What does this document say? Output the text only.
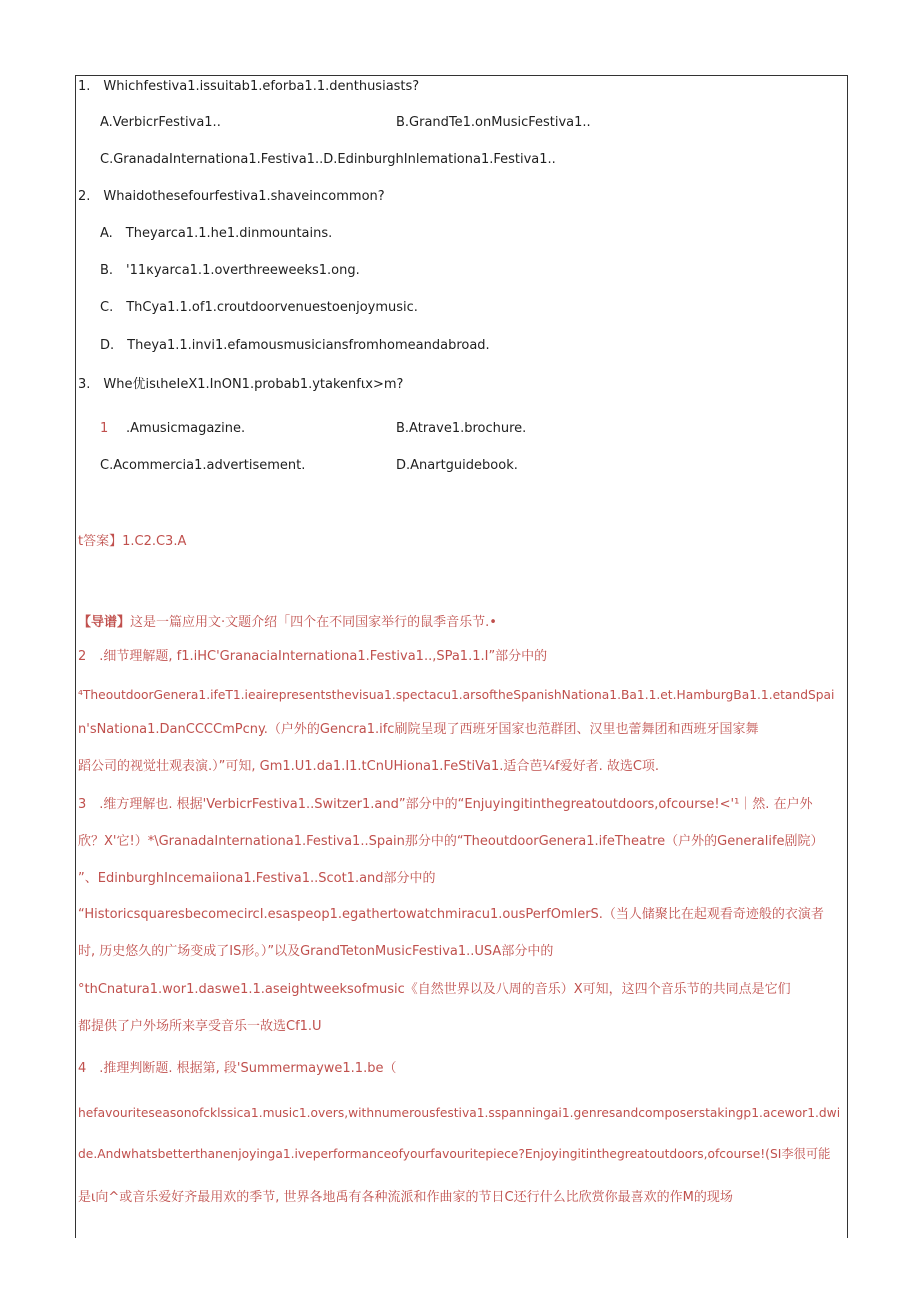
1.　Whichfestiva1.issuitab1.eforba1.1.denthusiasts?
A.VerbicrFestiva1..	B.GrandTe1.onMusicFestiva1..
C.GranadaInternationa1.Festiva1..D.EdinburghInlemationa1.Festiva1..
2.　Whaidothesefourfestiva1.shaveincommon?
A.　Theyarca1.1.he1.dinmountains.
B.　'11κyarca1.1.overthreeweeks1.ong.
C.　ThCya1.1.of1.croutdoorvenuestoenjoymusic.
D.　Theya1.1.invi1.efamousmusiciansfromhomeandabroad.
3.　Whe优isιheIeX1.InON1.probab1.ytakenfιx>m?
1 .Amusicmagazine.	B.Atrave1.brochure.
C.Acommercia1.advertisement.	D.Anartguidebook.
t答案】1.C2.C3.A
【导谱】这是一篇应用文·文题介绍「四个在不同国家举行的鼠季音乐节.•
2　.细节理解题, f1.iHC'GranaciaInternationa1.Festiva1..,SPa1.1.I”部分中的
⁴TheoutdoorGenera1.ifeT1.ieairepresentsthevisua1.spectacu1.arsoftheSpanishNationa1.Ba1.1.et.HamburgBa1.1.etandSpai
n'sNationa1.DanCCCCmPcny.（户外的Gencra1.ifc刷院呈现了西班牙国家也范群团、汉里也蕾舞团和西班牙国家舞
蹈公司的视觉壮观表演.）”可知, Gm1.U1.da1.I1.tCnUHiona1.FeStiVa1.适合芭¼f爱好者. 故选C项.
3　.维方理解也. 根据'VerbicrFestiva1..Switzer1.and”部分中的“Enjuyingitinthegreatoutdoors,ofcourse!<'¹｜然. 在户外
欣？X'它!）*\GranadaInternationa1.Festiva1..Spain那分中的“TheoutdoorGenera1.ifeTheatre（户外的Generalife剧院）
”、EdinburghIncemaiiona1.Festiva1..Scot1.and部分中的
“HistoricsquaresbecomecircI.esaspeop1.egathertowatchmiracu1.ousPerfOmlerS.（当人储聚比在起观看奇迹般的衣演者
时, 历史悠久的广场变成了IS形。）”以及GrandTetonMusicFestiva1..USA部分中的
°thCnatura1.wor1.daswe1.1.aseightweeksofmusic《自然世界以及八周的音乐）X可知，这四个音乐节的共同点是它们
都提供了户外场所来享受音乐一故选Cf1.U
4　.推理判断题. 根据第, 段'Summermaywe1.1.be（
hefavouriteseasonofcklssica1.music1.overs,withnumerousfestiva1.sspanningai1.genresandcomposerstakingp1.acewor1.dwi
de.Andwhatsbetterthanenjoyinga1.iveperformanceofyourfavouritepiece?Enjoyingitinthegreatoutdoors,ofcourse!(SI李很可能
是ι向^或音乐爱好齐最用欢的季节, 世界各地禹有各种流派和作曲家的节日C还行什么比欣赏你最喜欢的作M的现场
